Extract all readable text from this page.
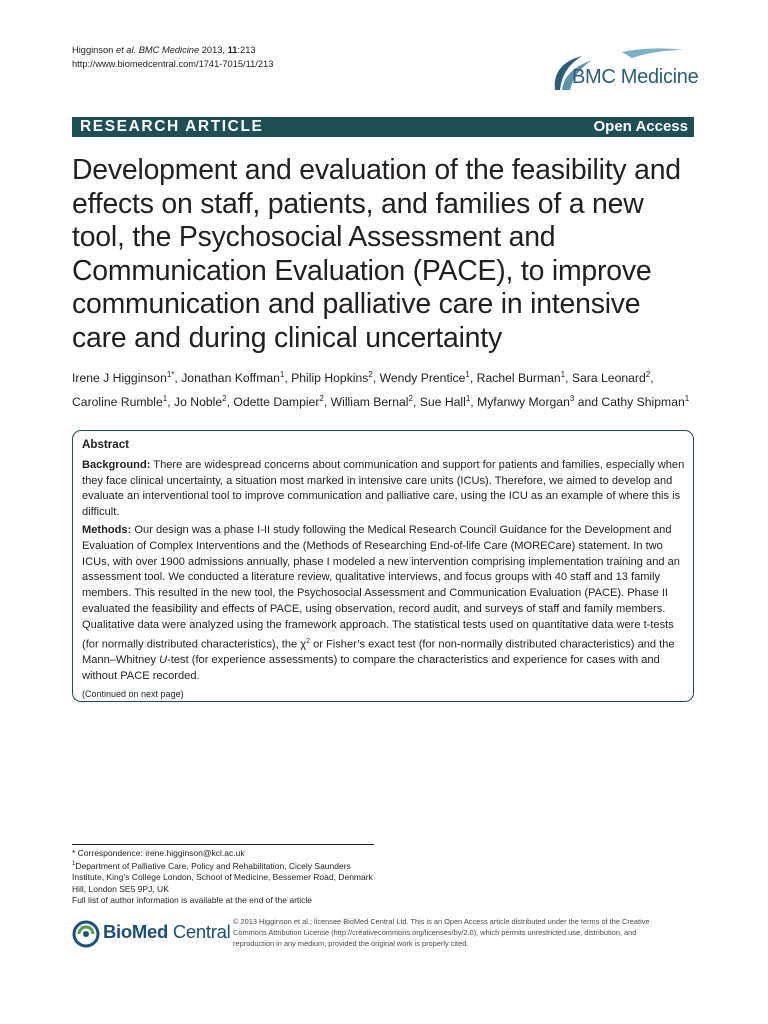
Higginson et al. BMC Medicine 2013, 11:213
http://www.biomedcentral.com/1741-7015/11/213
BMC Medicine
RESEARCH ARTICLE	Open Access
Development and evaluation of the feasibility and effects on staff, patients, and families of a new tool, the Psychosocial Assessment and Communication Evaluation (PACE), to improve communication and palliative care in intensive care and during clinical uncertainty
Irene J Higginson$^{1*}$, Jonathan Koffman$^1$, Philip Hopkins$^2$, Wendy Prentice$^1$, Rachel Burman$^1$, Sara Leonard$^2$, Caroline Rumble$^1$, Jo Noble$^2$, Odette Dampier$^2$, William Bernal$^2$, Sue Hall$^1$, Myfanwy Morgan$^3$ and Cathy Shipman$^1$
Abstract

Background: There are widespread concerns about communication and support for patients and families, especially when they face clinical uncertainty, a situation most marked in intensive care units (ICUs). Therefore, we aimed to develop and evaluate an interventional tool to improve communication and palliative care, using the ICU as an example of where this is difficult.

Methods: Our design was a phase I-II study following the Medical Research Council Guidance for the Development and Evaluation of Complex Interventions and the (Methods of Researching End-of-life Care (MORECare) statement. In two ICUs, with over 1900 admissions annually, phase I modeled a new intervention comprising implementation training and an assessment tool. We conducted a literature review, qualitative interviews, and focus groups with 40 staff and 13 family members. This resulted in the new tool, the Psychosocial Assessment and Communication Evaluation (PACE). Phase II evaluated the feasibility and effects of PACE, using observation, record audit, and surveys of staff and family members. Qualitative data were analyzed using the framework approach. The statistical tests used on quantitative data were t-tests (for normally distributed characteristics), the $\chi^2$ or Fisher’s exact test (for non-normally distributed characteristics) and the Mann–Whitney U-test (for experience assessments) to compare the characteristics and experience for cases with and without PACE recorded.

(Continued on next page)

* Correspondence: irene.higginson@kcl.ac.uk
$^1$Department of Palliative Care, Policy and Rehabilitation, Cicely Saunders Institute, King’s College London, School of Medicine, Bessemer Road, Denmark Hill, London SE5 9PJ, UK
Full list of author information is available at the end of the article
BioMed Central © 2013 Higginson et al.; licensee BioMed Central Ltd. This is an Open Access article distributed under the terms of the Creative Commons Attribution License (http://creativecommons.org/licenses/by/2.0), which permits unrestricted use, distribution, and reproduction in any medium, provided the original work is properly cited.
